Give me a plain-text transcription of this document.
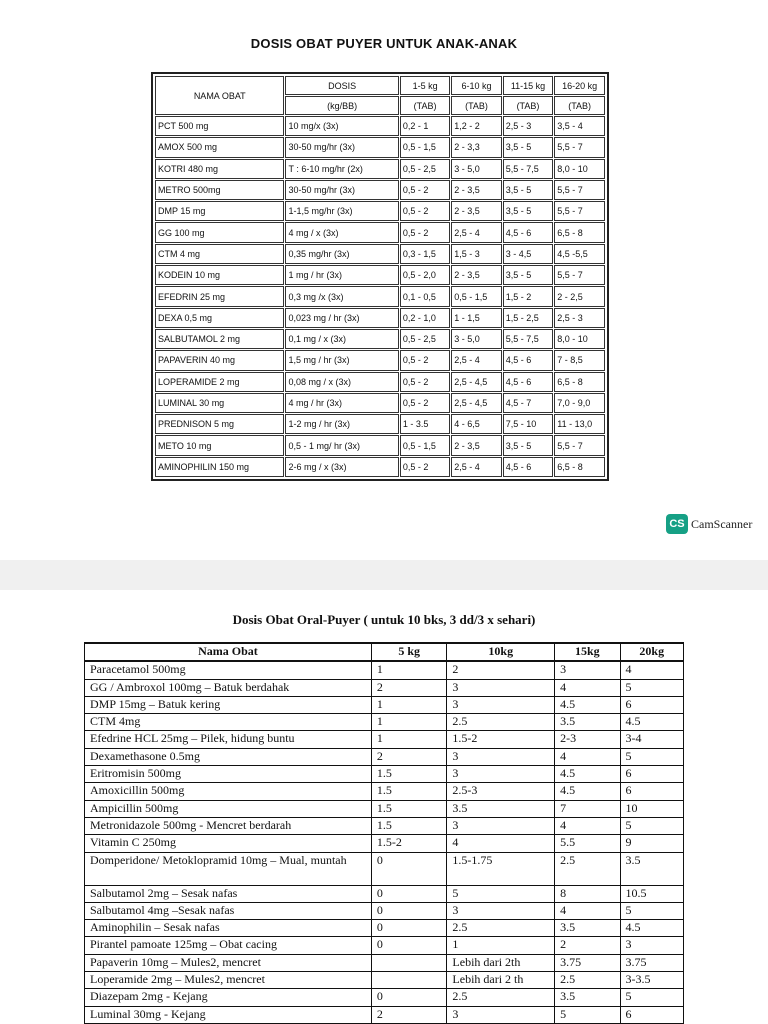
DOSIS OBAT PUYER UNTUK ANAK-ANAK
NAMA OBAT	DOSIS	1-5 kg	6-10 kg	11-15 kg	16-20 kg
	(kg/BB)	(TAB)	(TAB)	(TAB)	(TAB)
PCT 500 mg	10 mg/x (3x)	0,2 - 1	1,2 - 2	2,5 - 3	3,5 - 4
AMOX 500 mg	30-50 mg/hr (3x)	0,5 - 1,5	2 - 3,3	3,5 - 5	5,5 - 7
KOTRI 480 mg	T : 6-10 mg/hr (2x)	0,5 - 2,5	3 - 5,0	5,5 - 7,5	8,0 - 10
METRO 500mg	30-50 mg/hr (3x)	0,5 - 2	2 - 3,5	3,5 - 5	5,5 - 7
DMP 15 mg	1-1,5 mg/hr (3x)	0,5 - 2	2 - 3,5	3,5 - 5	5,5 - 7
GG 100 mg	4 mg / x (3x)	0,5 - 2	2,5 - 4	4,5 - 6	6,5 - 8
CTM 4 mg	0,35 mg/hr (3x)	0,3 - 1,5	1,5 - 3	3 - 4,5	4,5 -5,5
KODEIN 10 mg	1 mg / hr (3x)	0,5 - 2,0	2 - 3,5	3,5 - 5	5,5 - 7
EFEDRIN 25 mg	0,3 mg /x (3x)	0,1 - 0,5	0,5 - 1,5	1,5 - 2	2 - 2,5
DEXA 0,5 mg	0,023 mg / hr (3x)	0,2 - 1,0	1 - 1,5	1,5 - 2,5	2,5 - 3
SALBUTAMOL 2 mg	0,1 mg / x (3x)	0,5 - 2,5	3 - 5,0	5,5 - 7,5	8,0 - 10
PAPAVERIN 40 mg	1,5 mg / hr (3x)	0,5 - 2	2,5 - 4	4,5 - 6	7 - 8,5
LOPERAMIDE 2 mg	0,08 mg / x (3x)	0,5 - 2	2,5 - 4,5	4,5 - 6	6,5 - 8
LUMINAL 30 mg	4 mg / hr (3x)	0,5 - 2	2,5 - 4,5	4,5 - 7	7,0 - 9,0
PREDNISON 5 mg	1-2 mg / hr (3x)	1 - 3.5	4 - 6,5	7,5 - 10	11 - 13,0
METO 10 mg	0,5 - 1 mg/ hr (3x)	0,5 - 1,5	2 - 3,5	3,5 - 5	5,5 - 7
AMINOPHILIN 150 mg	2-6 mg / x (3x)	0,5 - 2	2,5 - 4	4,5 - 6	6,5 - 8
CS CamScanner
Dosis Obat Oral-Puyer ( untuk 10 bks, 3 dd/3 x sehari)
Nama Obat	5 kg	10kg	15kg	20kg
Paracetamol 500mg	1	2	3	4
GG / Ambroxol 100mg – Batuk berdahak	2	3	4	5
DMP 15mg – Batuk kering	1	3	4.5	6
CTM 4mg	1	2.5	3.5	4.5
Efedrine HCL 25mg – Pilek, hidung buntu	1	1.5-2	2-3	3-4
Dexamethasone 0.5mg	2	3	4	5
Eritromisin 500mg	1.5	3	4.5	6
Amoxicillin 500mg	1.5	2.5-3	4.5	6
Ampicillin 500mg	1.5	3.5	7	10
Metronidazole 500mg - Mencret berdarah	1.5	3	4	5
Vitamin C 250mg	1.5-2	4	5.5	9
Domperidone/ Metoklopramid 10mg – Mual, muntah	0	1.5-1.75	2.5	3.5
Salbutamol 2mg – Sesak nafas	0	5	8	10.5
Salbutamol 4mg –Sesak nafas	0	3	4	5
Aminophilin – Sesak nafas	0	2.5	3.5	4.5
Pirantel pamoate 125mg – Obat cacing	0	1	2	3
Papaverin 10mg – Mules2, mencret		Lebih dari 2th	3.75	3.75
Loperamide 2mg – Mules2, mencret		Lebih dari 2 th	2.5	3-3.5
Diazepam 2mg - Kejang	0	2.5	3.5	5
Luminal 30mg - Kejang	2	3	5	6
